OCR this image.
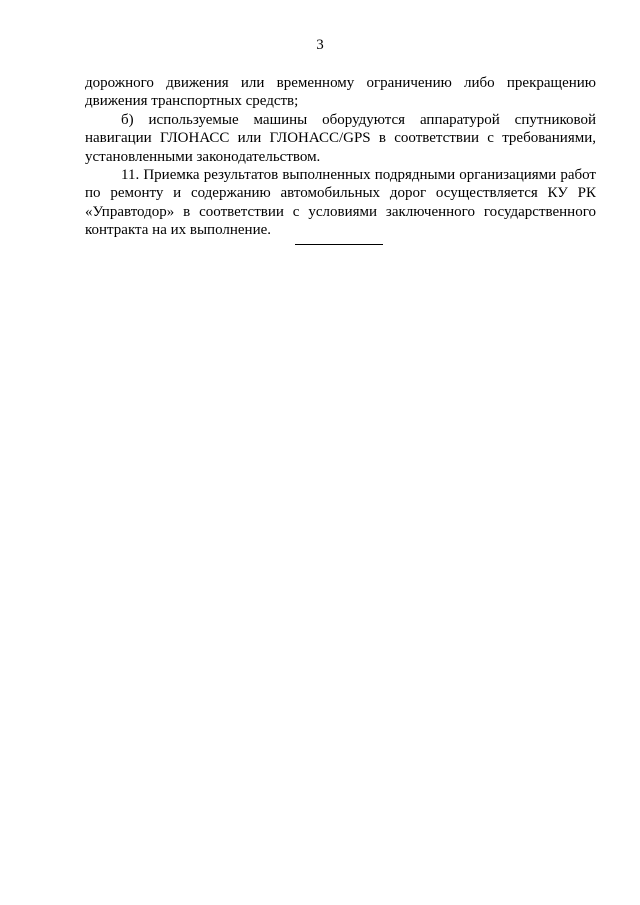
3
дорожного движения или временному ограничению либо прекращению
движения транспортных средств;
б) используемые машины оборудуются аппаратурой спутниковой
навигации ГЛОНАСС или ГЛОНАСС/GPS в соответствии с требованиями,
установленными законодательством.
11. Приемка результатов выполненных подрядными организациями работ
по ремонту и содержанию автомобильных дорог осуществляется КУ РК
«Управтодор» в соответствии с условиями заключенного государственного
контракта на их выполнение.
